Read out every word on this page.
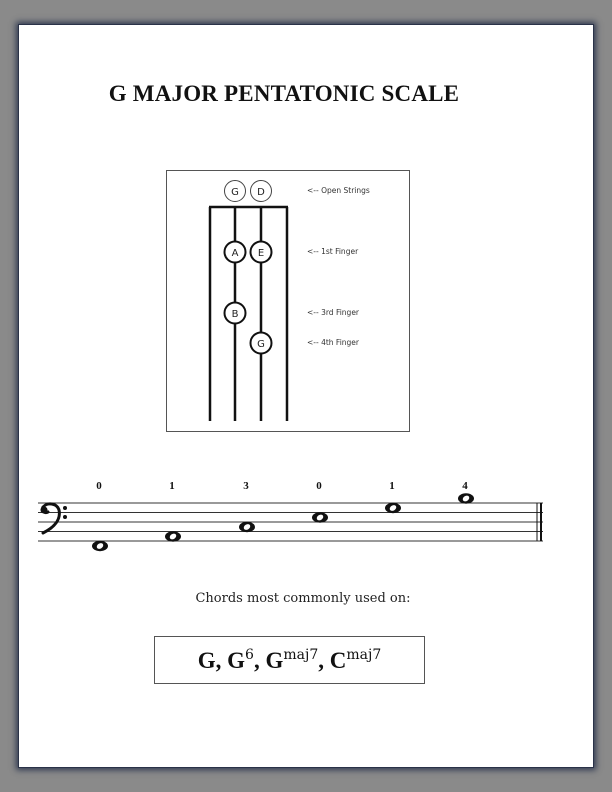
G MAJOR PENTATONIC SCALE
G D
A E
B
G
<-- Open Strings
<-- 1st Finger
<-- 3rd Finger
<-- 4th Finger
0	1	3	0	1	4
Chords most commonly used on:
G, $G^6$, $G^{maj7}$, $C^{maj7}$
